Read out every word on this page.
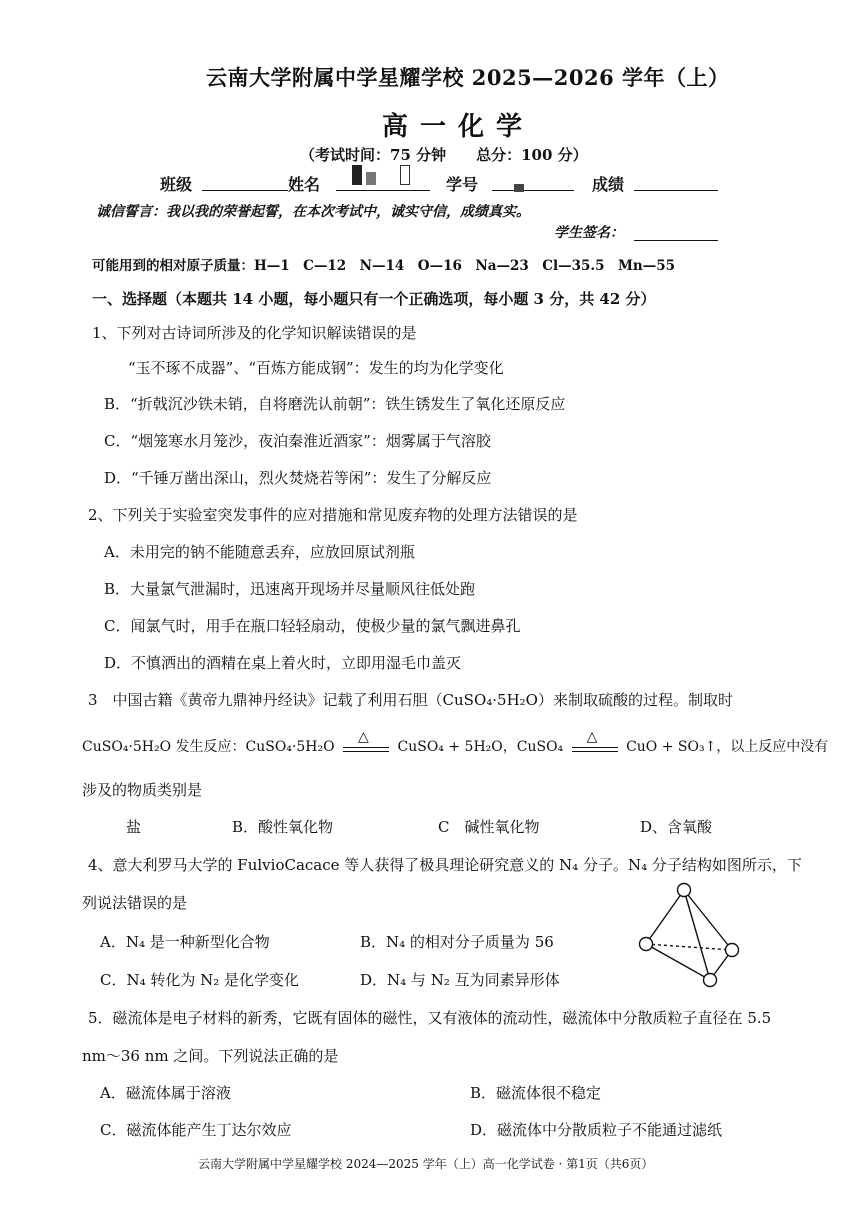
云南大学附属中学星耀学校 2025—2026 学年（上）
高一化学
（考试时间：75 分钟　　总分：100 分）
班级	姓名	学号	成绩
诚信誓言：我以我的荣誉起誓，在本次考试中，诚实守信，成绩真实。
学生签名：
可能用到的相对原子质量：H—1　C—12　N—14　O—16　Na—23　Cl—35.5　Mn—55
一、选择题（本题共 14 小题，每小题只有一个正确选项，每小题 3 分，共 42 分）
1、下列对古诗词所涉及的化学知识解读错误的是
“玉不琢不成器”、“百炼方能成钢”：发生的均为化学变化
B．“折戟沉沙铁未销，自将磨洗认前朝”：铁生锈发生了氧化还原反应
C．“烟笼寒水月笼沙，夜泊秦淮近酒家”：烟雾属于气溶胶
D．“千锤万凿出深山，烈火焚烧若等闲”：发生了分解反应
2、下列关于实验室突发事件的应对措施和常见废弃物的处理方法错误的是
A．未用完的钠不能随意丢弃，应放回原试剂瓶
B．大量氯气泄漏时，迅速离开现场并尽量顺风往低处跑
C．闻氯气时，用手在瓶口轻轻扇动，使极少量的氯气飘进鼻孔
D．不慎洒出的酒精在桌上着火时，立即用湿毛巾盖灭
3　中国古籍《黄帝九鼎神丹经诀》记载了利用石胆（CuSO₄·5H₂O）来制取硫酸的过程。制取时
CuSO₄·5H₂O 发生反应：CuSO₄·5H₂O
△
CuSO₄ + 5H₂O，CuSO₄
△
CuO + SO₃↑，以上反应中没有
涉及的物质类别是
盐	B．酸性氧化物	C　碱性氧化物	D、含氧酸
4、意大利罗马大学的 FulvioCacace 等人获得了极具理论研究意义的 N₄ 分子。N₄ 分子结构如图所示，下
列说法错误的是
A．N₄ 是一种新型化合物	B．N₄ 的相对分子质量为 56
C．N₄ 转化为 N₂ 是化学变化	D．N₄ 与 N₂ 互为同素异形体
5．磁流体是电子材料的新秀，它既有固体的磁性，又有液体的流动性，磁流体中分散质粒子直径在 5.5
nm～36 nm 之间。下列说法正确的是
A．磁流体属于溶液	B．磁流体很不稳定
C．磁流体能产生丁达尔效应	D．磁流体中分散质粒子不能通过滤纸
云南大学附属中学星耀学校 2024—2025 学年（上）高一化学试卷 · 第1页（共6页）
